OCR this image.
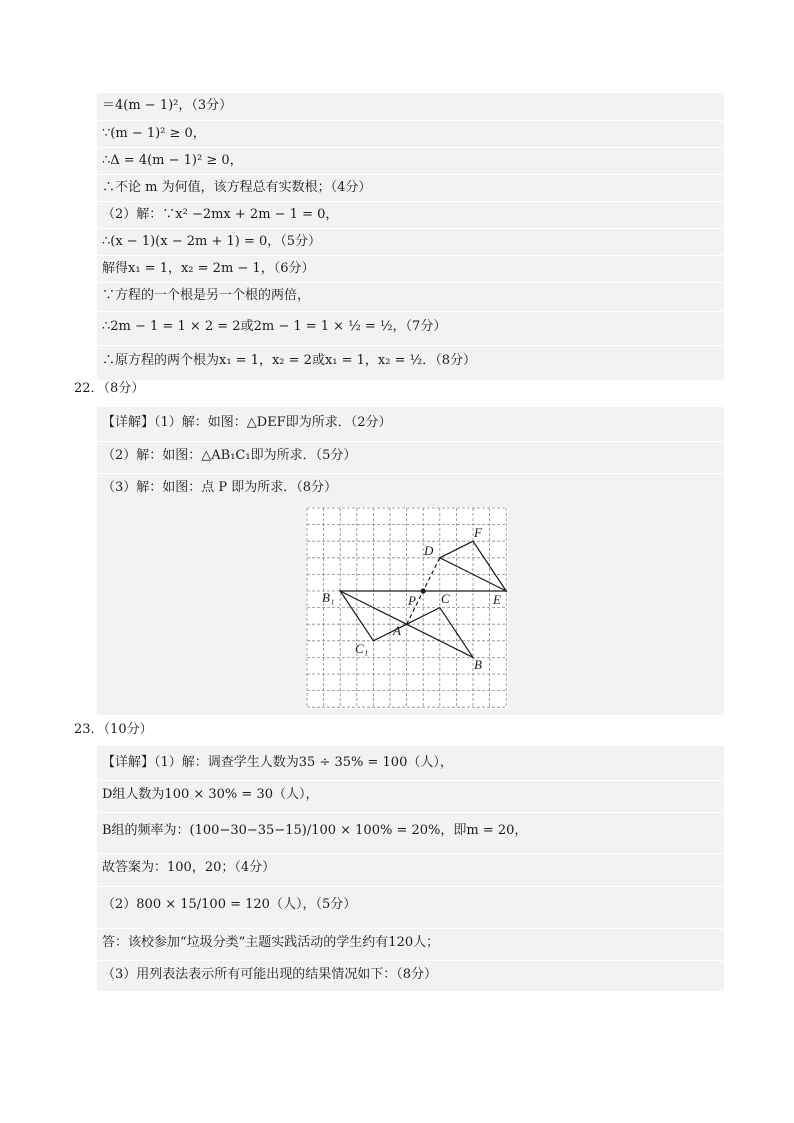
＝4(m − 1)²，（3分）
∵(m − 1)² ≥ 0，
∴Δ = 4(m − 1)² ≥ 0，
∴不论 m 为何值，该方程总有实数根；（4分）
（2）解：∵x² −2mx + 2m − 1 = 0，
∴(x − 1)(x − 2m + 1) = 0，（5分）
解得x₁ = 1，x₂ = 2m − 1，（6分）
∵方程的一个根是另一个根的两倍，
∴2m − 1 = 1 × 2 = 2或2m − 1 = 1 × ½ = ½，（7分）
∴原方程的两个根为x₁ = 1，x₂ = 2或x₁ = 1，x₂ = ½．（8分）
22．（8分）
【详解】（1）解：如图：△DEF即为所求．（2分）
（2）解：如图：△AB₁C₁即为所求．（5分）
（3）解：如图：点 P 即为所求．（8分）
D
F
E
B₁	P C
A
C₁
B
23．（10分）
【详解】（1）解：调查学生人数为35 ÷ 35% = 100（人），
D组人数为100 × 30% = 30（人），
B组的频率为：(100−30−35−15)/100 × 100% = 20%，即m = 20，
故答案为：100，20；（4分）
（2）800 × 15/100 = 120（人），（5分）
答：该校参加“垃圾分类”主题实践活动的学生约有120人；
（3）用列表法表示所有可能出现的结果情况如下：（8分）
